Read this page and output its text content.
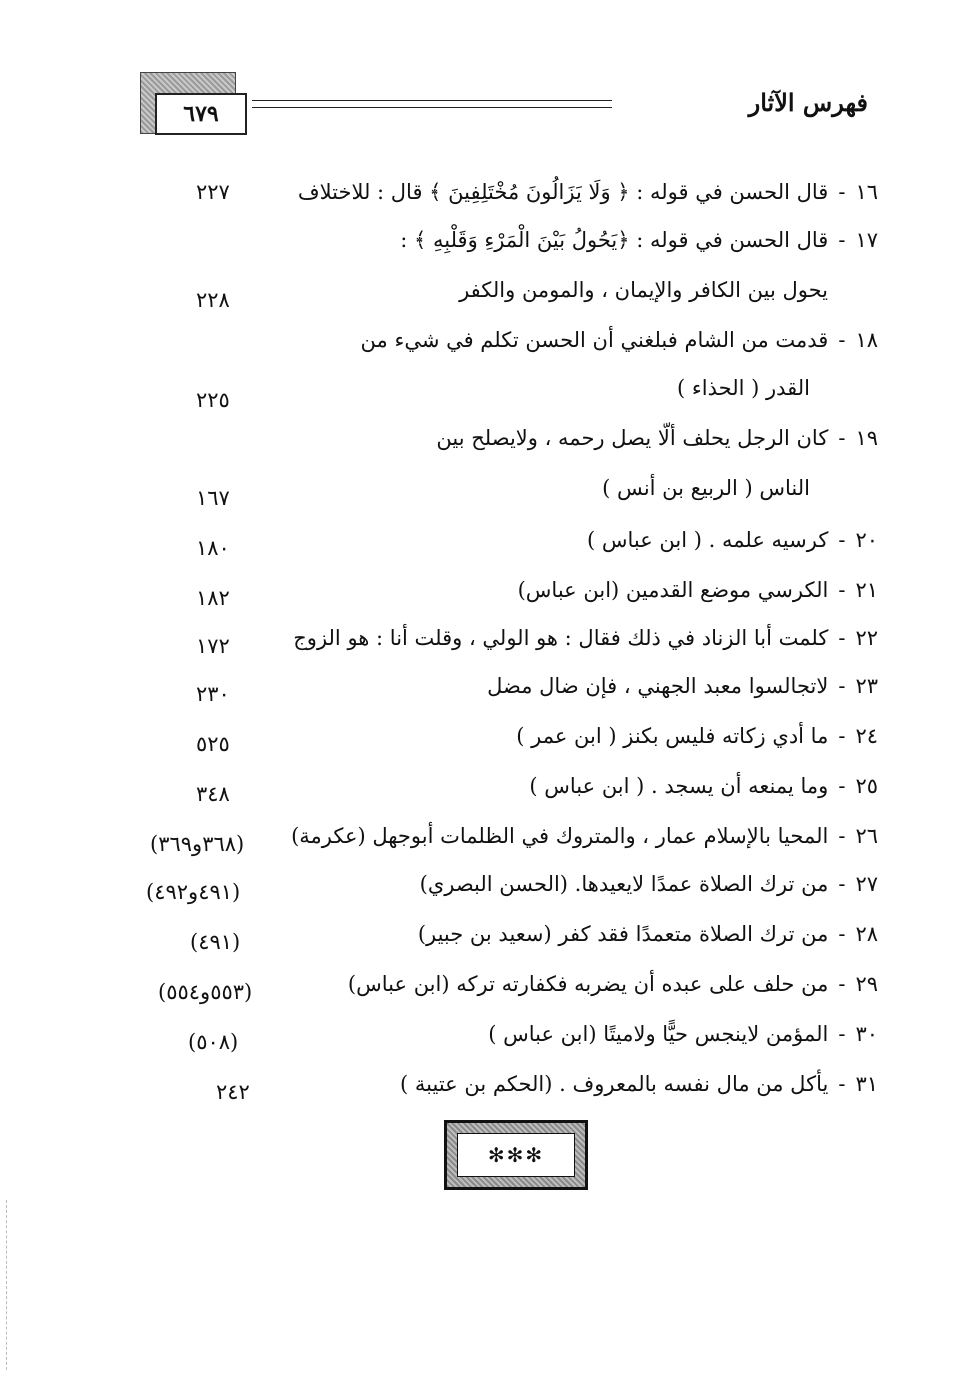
٦٧٩	فهرس الآثار
١٦-قال الحسن في قوله : ﴿ وَلَا يَزَالُونَ مُخْتَلِفِينَ ﴾ قال : للاختلاف
٢٢٧
١٧-قال الحسن في قوله : ﴿يَحُولُ بَيْنَ الْمَرْءِ وَقَلْبِهِ ﴾ :
يحول بين الكافر والإيمان ، والمومن والكفر
٢٢٨
١٨-قدمت من الشام فبلغني أن الحسن تكلم في شيء من
القدر ( الحذاء )
٢٢٥
١٩-كان الرجل يحلف ألّا يصل رحمه ، ولايصلح بين
الناس ( الربيع بن أنس )
١٦٧
٢٠-كرسيه علمه . ( ابن عباس )
١٨٠
٢١-الكرسي موضع القدمين (ابن عباس)
١٨٢
٢٢-كلمت أبا الزناد في ذلك فقال : هو الولي ، وقلت أنا : هو الزوج
١٧٢
٢٣-لاتجالسوا معبد الجهني ، فإن ضال مضل
٢٣٠
٢٤-ما أدي زكاته فليس بكنز ( ابن عمر )
٥٢٥
٢٥-وما يمنعه أن يسجد . ( ابن عباس )
٣٤٨
٢٦-المحيا بالإسلام عمار ، والمتروك في الظلمات أبوجهل (عكرمة)
(٣٦٨و٣٦٩)
٢٧-من ترك الصلاة عمدًا لايعيدها. (الحسن البصري)
(٤٩١و٤٩٢)
٢٨-من ترك الصلاة متعمدًا فقد كفر (سعيد بن جبير)
(٤٩١)
٢٩-من حلف على عبده أن يضربه فكفارته تركه (ابن عباس)
(٥٥٣و٥٥٤)
٣٠-المؤمن لاينجس حيًّا ولاميتًا (ابن عباس )
(٥٠٨)
٣١-يأكل من مال نفسه بالمعروف . (الحكم بن عتيبة )
٢٤٢
✻✻✻
